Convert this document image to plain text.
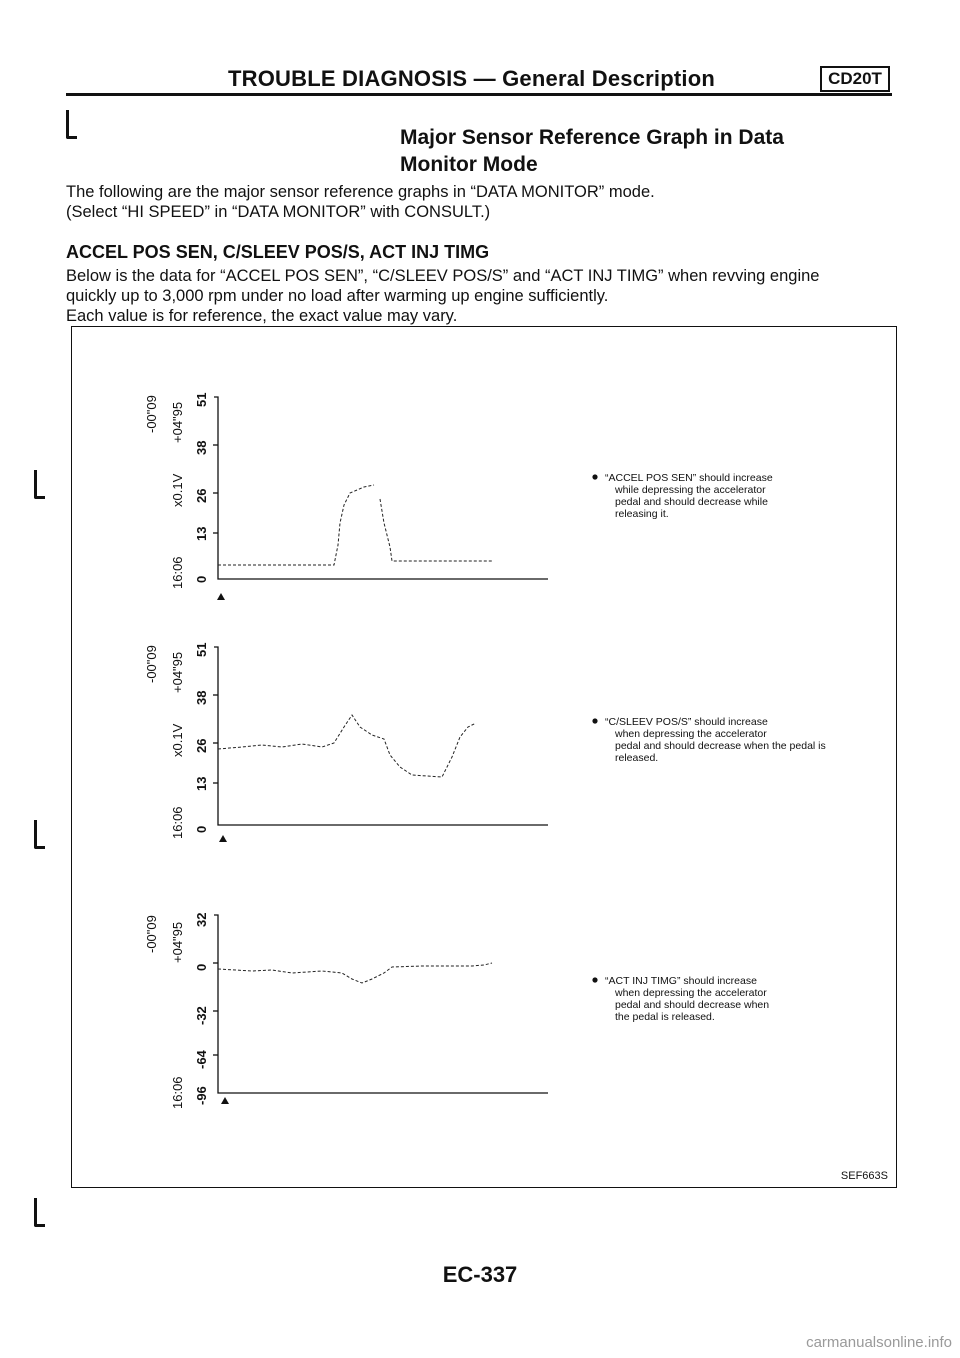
TROUBLE DIAGNOSIS — General Description	CD20T
Major Sensor Reference Graph in Data
Monitor Mode
The following are the major sensor reference graphs in “DATA MONITOR” mode.
(Select “HI SPEED” in “DATA MONITOR” with CONSULT.)
ACCEL POS SEN, C/SLEEV POS/S, ACT INJ TIMG
Below is the data for “ACCEL POS SEN”, “C/SLEEV POS/S” and “ACT INJ TIMG” when revving engine
quickly up to 3,000 rpm under no load after warming up engine sufficiently.
Each value is for reference, the exact value may vary.
-00"09 +04"95
x0.1V
16:06
51
38
26
13
0
“ACCEL POS SEN” should increase
while depressing the accelerator
pedal and should decrease while
releasing it.
-00"09 +04"95
x0.1V
16:06
51
38
26
13
0
“C/SLEEV POS/S” should increase
when depressing the accelerator
pedal and should decrease when the pedal is
released.
-00"09 +04"95
16:06
32
0
-32
-64
-96
“ACT INJ TIMG” should increase
when depressing the accelerator
pedal and should decrease when
the pedal is released.
SEF663S
EC-337
carmanualsonline.info
